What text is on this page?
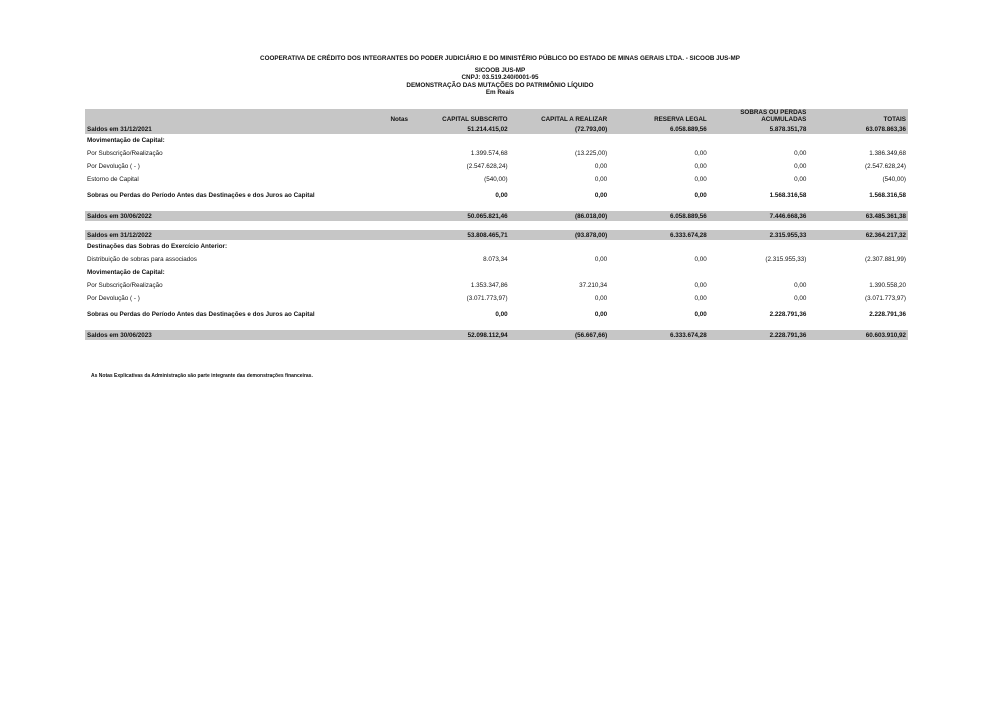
COOPERATIVA DE CRÉDITO DOS INTEGRANTES DO PODER JUDICIÁRIO E DO MINISTÉRIO PÚBLICO DO ESTADO DE MINAS GERAIS LTDA. - SICOOB JUS-MP
SICOOB JUS-MP
CNPJ: 03.519.240/0001-95
DEMONSTRAÇÃO DAS MUTAÇÕES DO PATRIMÔNIO LÍQUIDO
Em Reais
	Notas	CAPITAL SUBSCRITO	CAPITAL A REALIZAR	RESERVA LEGAL	SOBRAS OU PERDAS ACUMULADAS	TOTAIS
Saldos em 31/12/2021		51.214.415,02	(72.793,00)	6.058.889,56	5.878.351,78	63.078.863,36
Movimentação de Capital:						
Por Subscrição/Realização		1.399.574,68	(13.225,00)	0,00	0,00	1.386.349,68
Por Devolução ( - )		(2.547.628,24)	0,00	0,00	0,00	(2.547.628,24)
Estorno de Capital		(540,00)	0,00	0,00	0,00	(540,00)

Sobras ou Perdas do Período Antes das Destinações e dos Juros ao Capital		0,00	0,00	0,00	1.568.316,58	1.568.316,58

Saldos em 30/06/2022		50.065.821,46	(86.018,00)	6.058.889,56	7.446.668,36	63.485.361,38

Saldos em 31/12/2022		53.808.465,71	(93.878,00)	6.333.674,28	2.315.955,33	62.364.217,32
Destinações das Sobras do Exercício Anterior:						
Distribuição de sobras para associados		8.073,34	0,00	0,00	(2.315.955,33)	(2.307.881,99)
Movimentação de Capital:						
Por Subscrição/Realização		1.353.347,86	37.210,34	0,00	0,00	1.390.558,20
Por Devolução ( - )		(3.071.773,97)	0,00	0,00	0,00	(3.071.773,97)

Sobras ou Perdas do Período Antes das Destinações e dos Juros ao Capital		0,00	0,00	0,00	2.228.791,36	2.228.791,36

Saldos em 30/06/2023		52.098.112,94	(56.667,66)	6.333.674,28	2.228.791,36	60.603.910,92
As Notas Explicativas da Administração são parte integrante das demonstrações financeiras.
